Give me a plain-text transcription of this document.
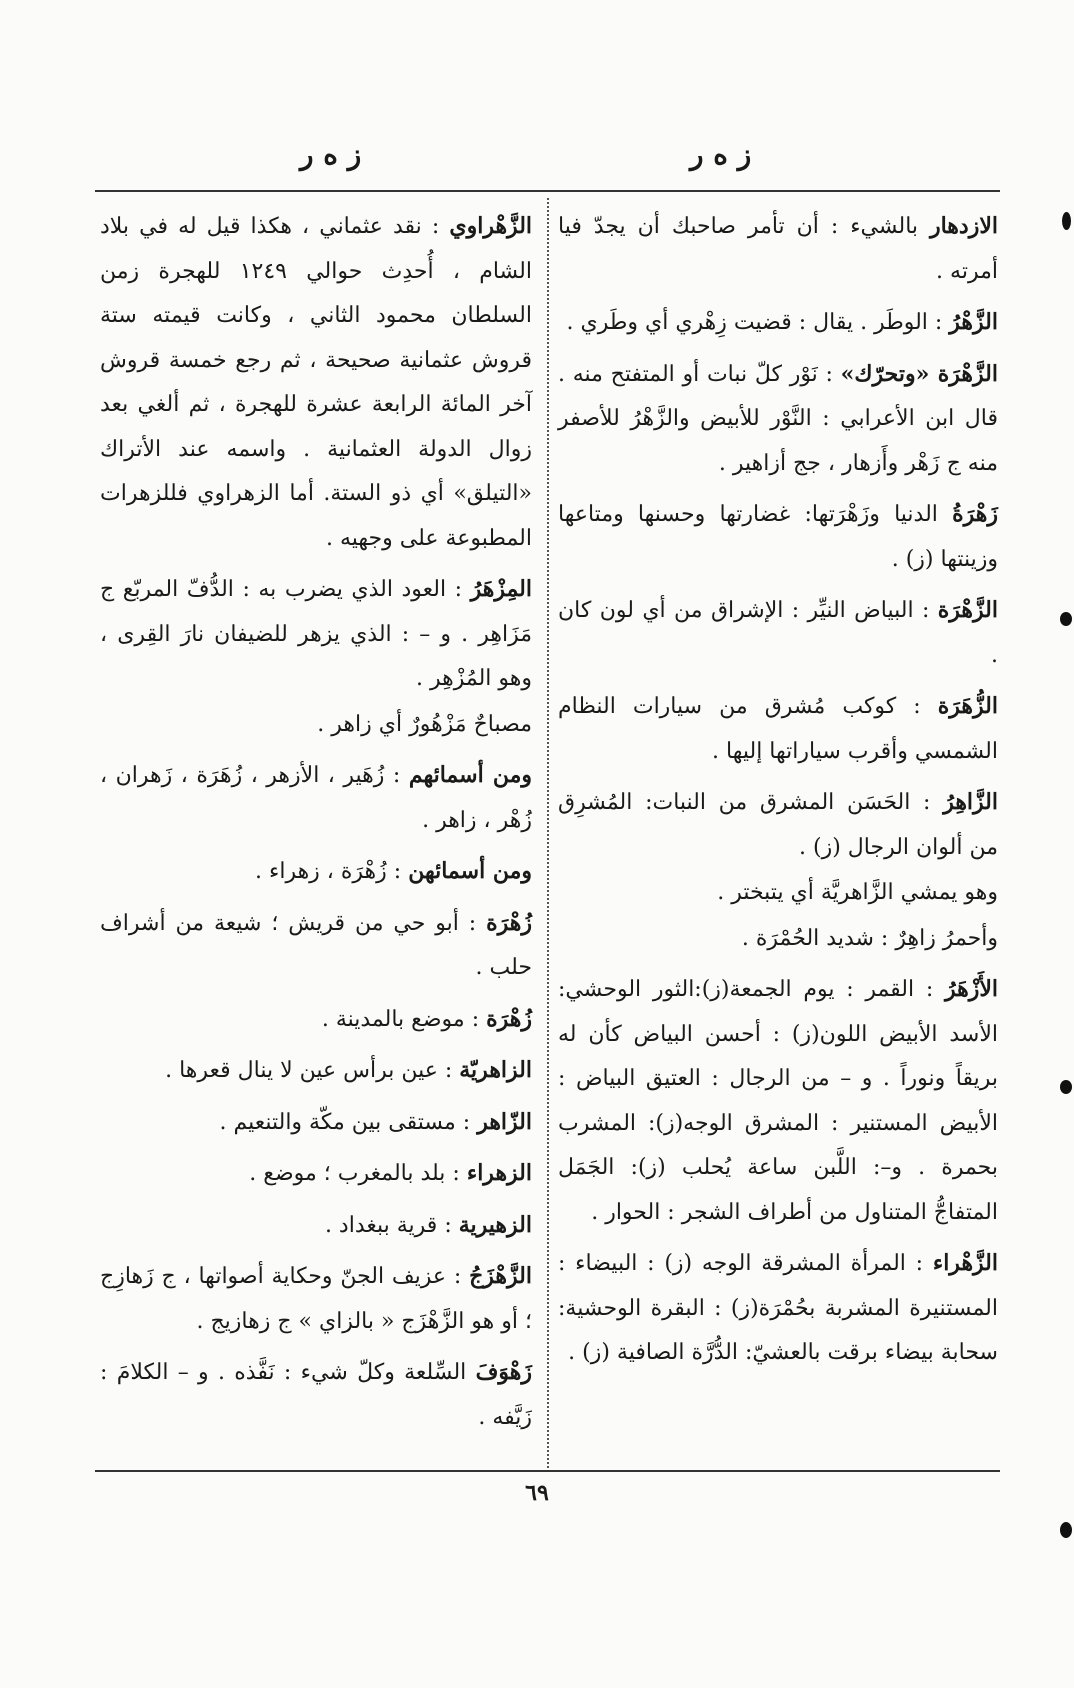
ز ه ر
ز ه ر

الازدهار بالشيء : أن تأمر صاحبك أن يجدّ فيا أمرته .

الزَّهْرُ : الوطَر . يقال : قضيت زِهْري أي وطَري .

الزَّهْرَة «وتحرّك» : نَوْر كلّ نبات أو المتفتح منه . قال ابن الأعرابي : النَّوْر للأبيض والزَّهْرُ للأصفر منه ج زَهْر وأَزهار ، جج أزاهير .

زَهْرَةُ الدنيا وزَهْرَتها: غضارتها وحسنها ومتاعها وزينتها (ز) .

الزَّهْرَة : البياض النيِّر : الإشراق من أي لون كان .

الزُّهَرَة : كوكب مُشرق من سيارات النظام الشمسي وأقرب سياراتها إليها .

الزَّاهِرُ : الحَسَن المشرق من النبات: المُشرِق من ألوان الرجال (ز) .

وهو يمشي الزَّاهريَّة أي يتبختر .

وأحمرُ زاهِرٌ : شديد الحُمْرَة .

الأَزْهَرُ : القمر : يوم الجمعة(ز):الثور الوحشي: الأسد الأبيض اللون(ز) : أحسن البياض كأن له بريقاً ونوراً . و – من الرجال : العتيق البياض : الأبيض المستنير : المشرق الوجه(ز): المشرب بحمرة . و–: اللَّبن ساعة يُحلب (ز): الجَمَل المتفاجُّ المتناول من أطراف الشجر : الحوار .

الزَّهْراء : المرأة المشرقة الوجه (ز) : البيضاء : المستنيرة المشربة بحُمْرَة(ز) : البقرة الوحشية: سحابة بيضاء برقت بالعشيّ: الدُّرَّة الصافية (ز) .

الزَّهْراوي : نقد عثماني ، هكذا قيل له في بلاد الشام ، أُحدِث حوالي ١٢٤٩ للهجرة زمن السلطان محمود الثاني ، وكانت قيمته ستة قروش عثمانية صحيحة ، ثم رجع خمسة قروش آخر المائة الرابعة عشرة للهجرة ، ثم ألغي بعد زوال الدولة العثمانية . واسمه عند الأتراك «التيلق» أي ذو الستة. أما الزهراوي فللزهرات المطبوعة على وجهيه .

المِزْهَرُ : العود الذي يضرب به : الدُّفّ المربّع ج مَزَاهِر . و – : الذي يزهر للضيفان نارَ القِرى ، وهو المُزْهِر .

مصباحٌ مَزْهُورٌ أي زاهر .

ومن أسمائهم : زُهَير ، الأزهر ، زُهَرَة ، زَهران ، زُهْر ، زاهر .

ومن أسمائهن : زُهْرَة ، زهراء .

زُهْرَة : أبو حي من قريش ؛ شيعة من أشراف حلب .

زُهْرَة : موضع بالمدينة .

الزاهريّة : عين برأس عين لا ينال قعرها .

الزّاهر : مستقى بين مكّة والتنعيم .

الزهراء : بلد بالمغرب ؛ موضع .

الزهيرية : قرية ببغداد .

الزَّهْزَجُ : عزيف الجنّ وحكاية أصواتها ، ج زَهازِج ؛ أو هو الزَّهْزَج « بالزاي » ج زهازيج .

زَهْوَفَ السِّلعة وكلّ شيء : نَفَّذه . و – الكلامَ : زَيَّفه .

٦٩
